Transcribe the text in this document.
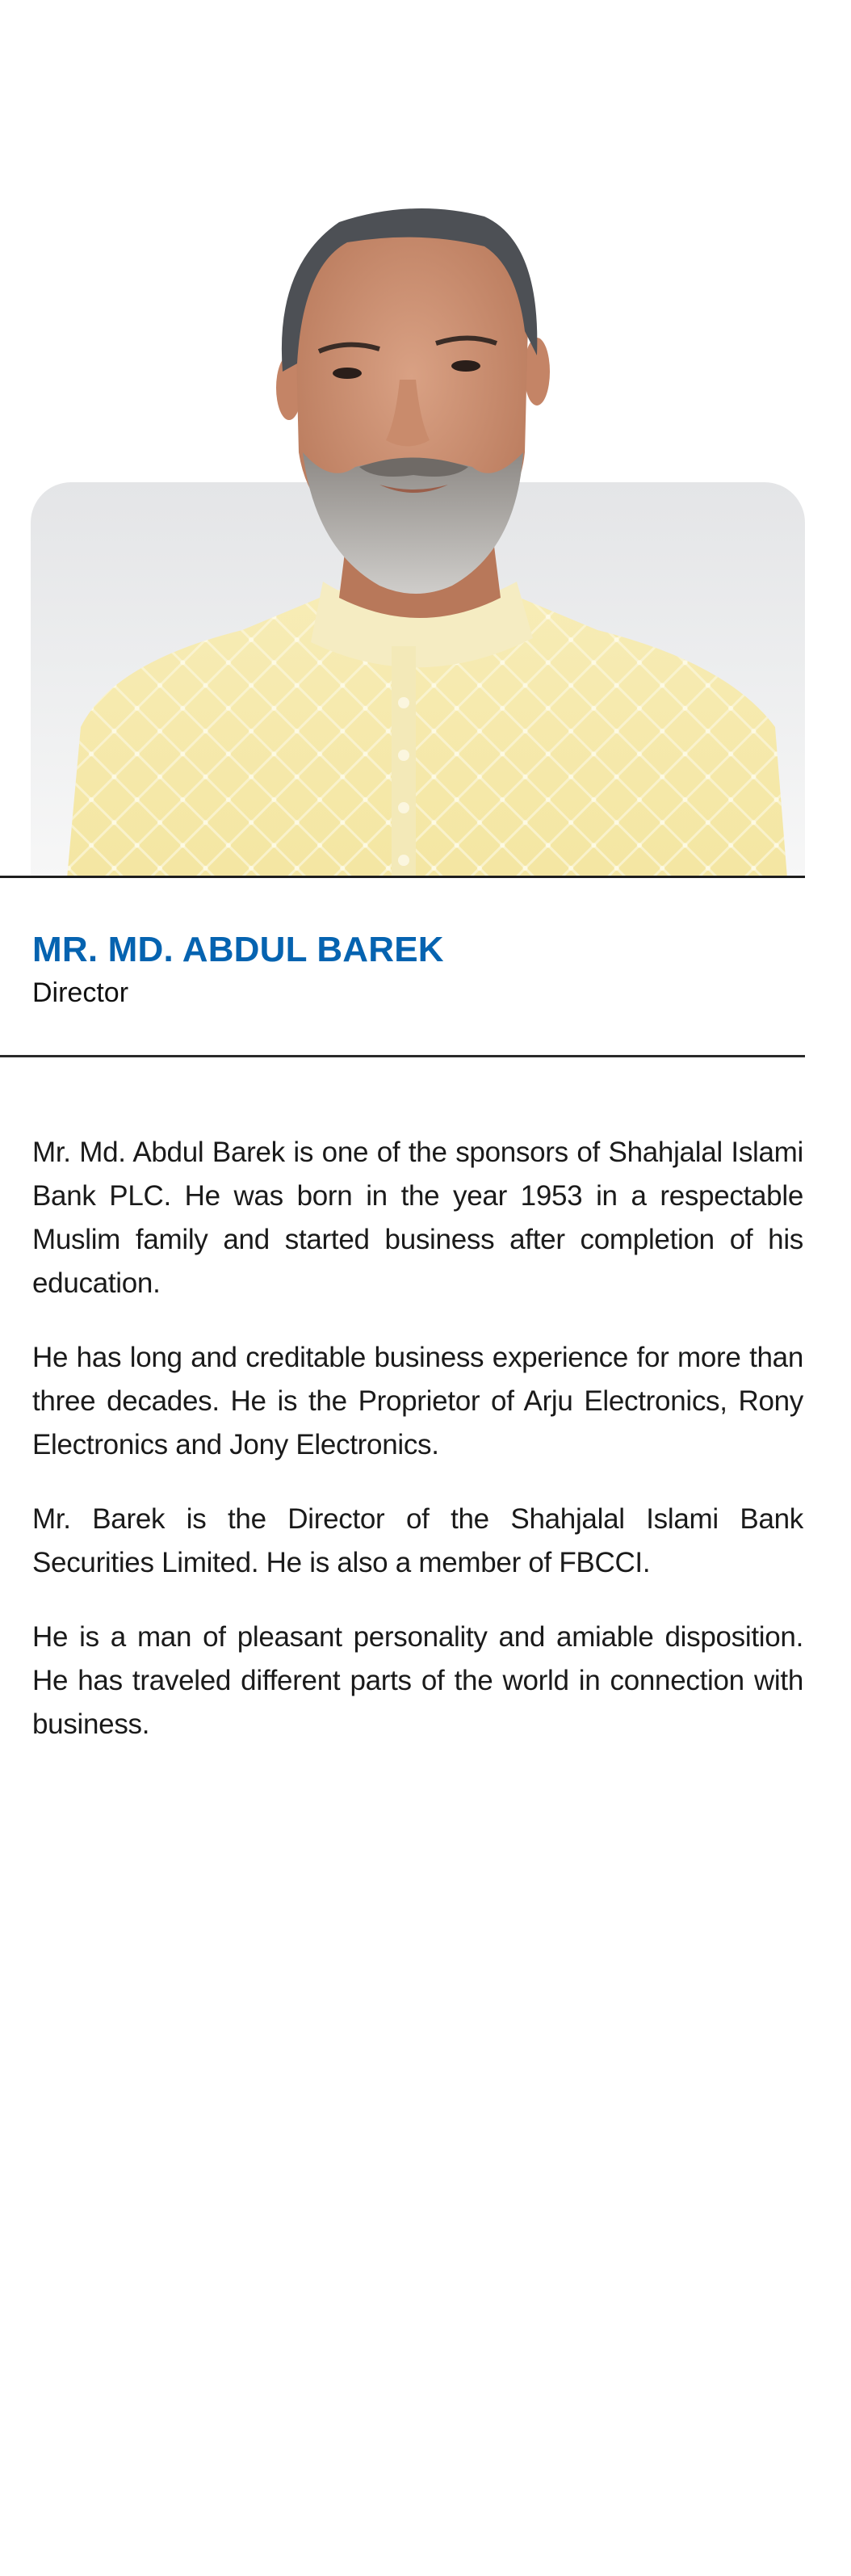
MR. MD. ABDUL BAREK
Director

Mr. Md. Abdul Barek is one of the sponsors of Shahjalal Islami Bank PLC. He was born in the year 1953 in a respectable Muslim family and started business after completion of his education.

He has long and creditable business experience for more than three decades. He is the Proprietor of Arju Electronics, Rony Electronics and Jony Electronics.

Mr. Barek is the Director of the Shahjalal Islami Bank Securities Limited. He is also a member of FBCCI.

He is a man of pleasant personality and amiable disposition. He has traveled different parts of the world in connection with business.
